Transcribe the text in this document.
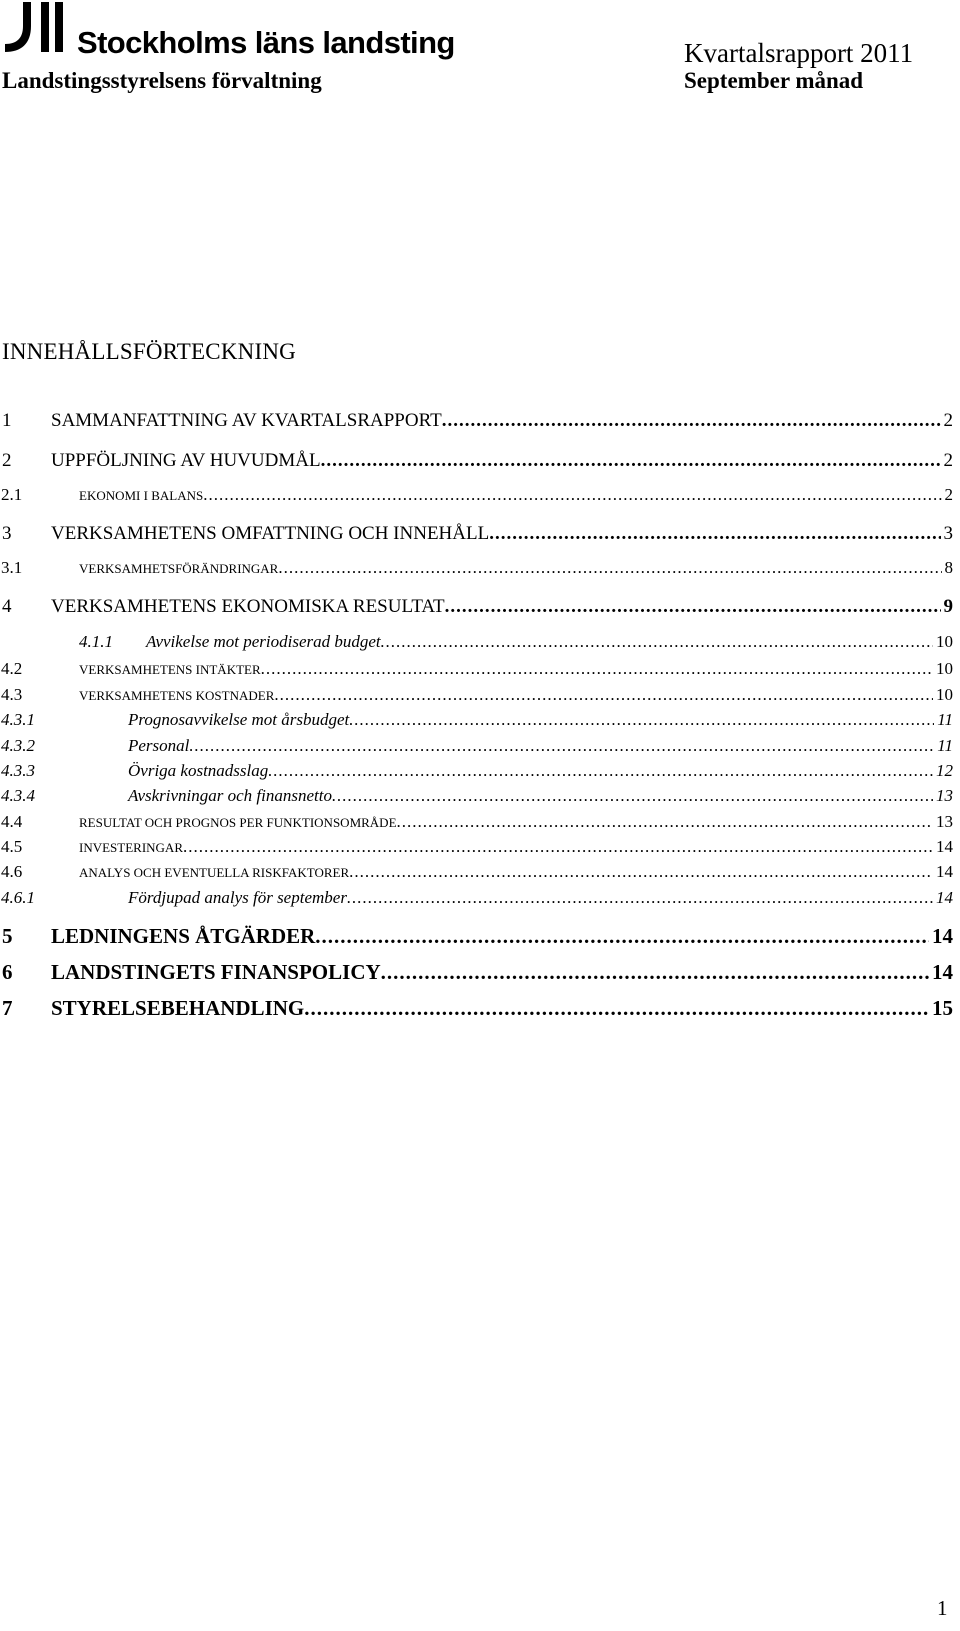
Stockholms läns landsting
Landstingsstyrelsens förvaltning
Kvartalsrapport 2011
September månad
INNEHÅLLSFÖRTECKNING
1 SAMMANFATTNING AV KVARTALSRAPPORT .....	2
2 UPPFÖLJNING AV HUVUDMÅL .....	2
2.1	EKONOMI I BALANS .....	2
3 VERKSAMHETENS OMFATTNING OCH INNEHÅLL .....	3
3.1	VERKSAMHETSFÖRÄNDRINGAR .....	8
4 VERKSAMHETENS EKONOMISKA RESULTAT .....	9
4.1.1 Avvikelse mot periodiserad budget .....	10
4.2	VERKSAMHETENS INTÄKTER .....	10
4.3	VERKSAMHETENS KOSTNADER .....	10
4.3.1	Prognosavvikelse mot årsbudget .....	11
4.3.2	Personal .....	11
4.3.3	Övriga kostnadsslag .....	12
4.3.4	Avskrivningar och finansnetto .....	13
4.4	RESULTAT OCH PROGNOS PER FUNKTIONSOMRÅDE .....	13
4.5	INVESTERINGAR .....	14
4.6	ANALYS OCH EVENTUELLA RISKFAKTORER .....	14
4.6.1	Fördjupad analys för september .....	14
5 LEDNINGENS ÅTGÄRDER .....	14
6 LANDSTINGETS FINANSPOLICY .....	14
7 STYRELSEBEHANDLING .....	15
1
